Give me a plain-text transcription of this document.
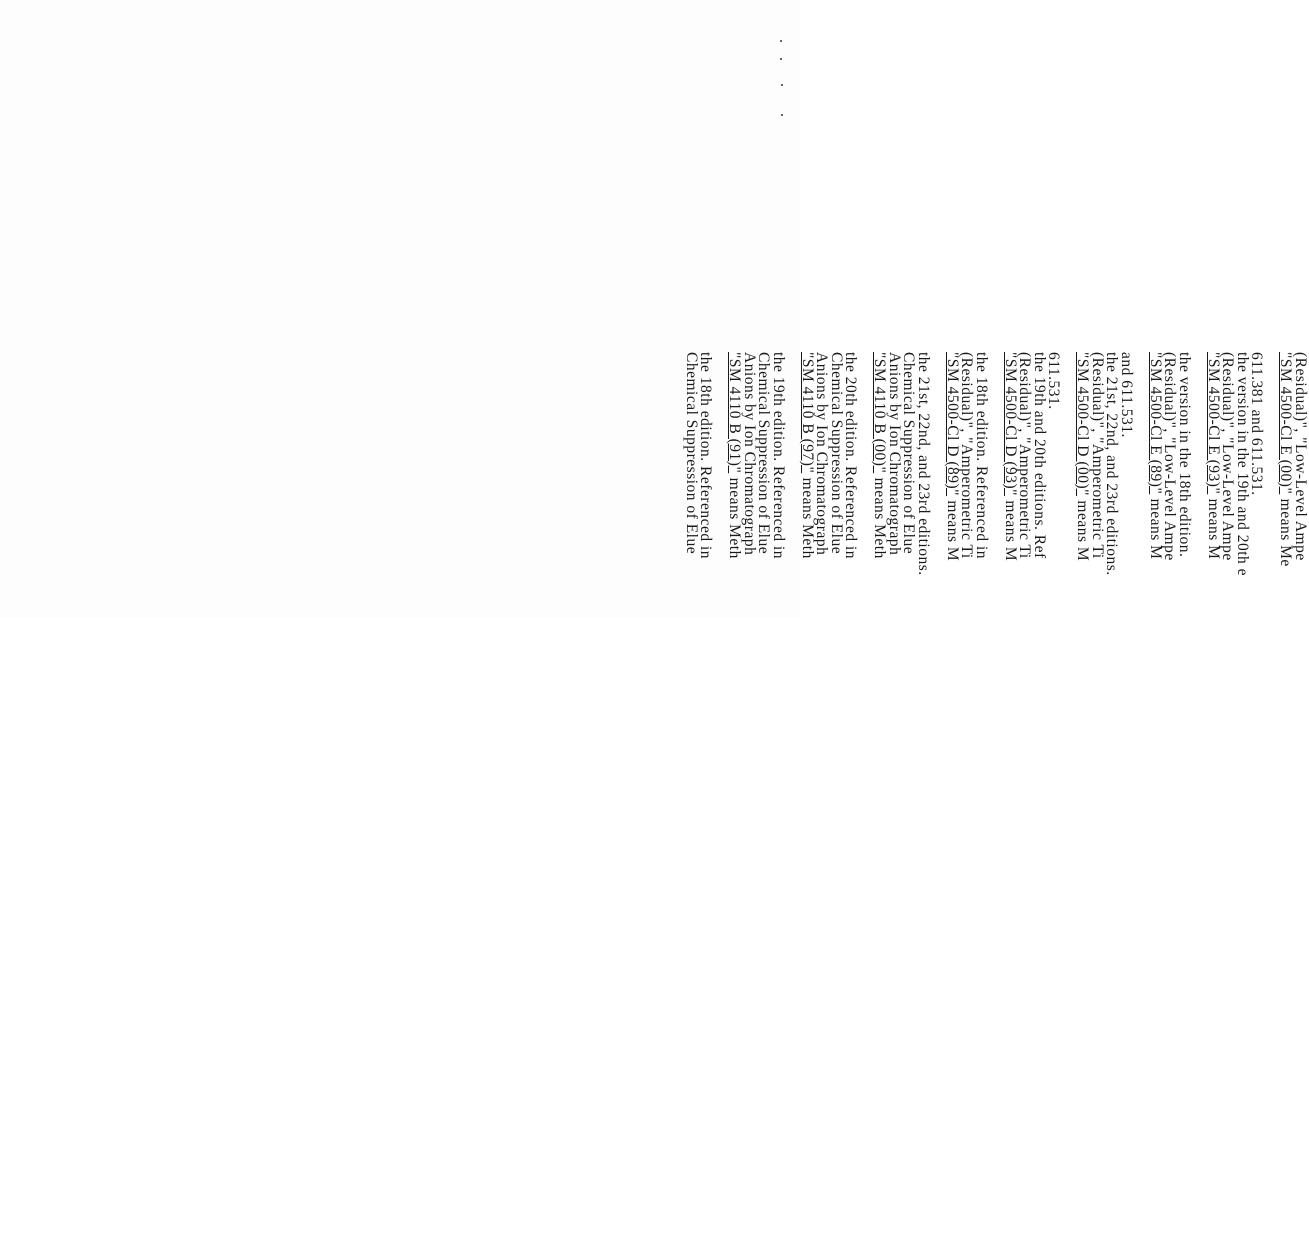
Chemical Suppression of Elue
the 18th edition. Referenced in "SM 4110 B (91)" means Meth
Anions by Ion Chromatograph
Chemical Suppression of Elue
the 19th edition. Referenced in "SM 4110 B (97)" means Meth
Anions by Ion Chromatograph
Chemical Suppression of Elue
the 20th edition. Referenced in "SM 4110 B (00)" means Meth
Anions by Ion Chromatograph
Chemical Suppression of Elue
the 21st, 22nd, and 23rd editions. "SM 4500-Cl D (89)" means M
(Residual)", "Amperometric Ti
the 18th edition. Referenced in "SM 4500-Cl D (93)" means M
(Residual)", "Amperometric Ti
the 19th and 20th editions. Ref
611.531. "SM 4500-Cl D (00)" means M
(Residual)", "Amperometric Ti
the 21st, 22nd, and 23rd editions.
and 611.531. "SM 4500-Cl E (89)" means M
(Residual)", "Low-Level Ampe
the version in the 18th edition. "SM 4500-Cl E (93)" means M
(Residual)", "Low-Level Ampe
the version in the 19th and 20th e
611.381 and 611.531. "SM 4500-Cl E (00)" means Me
(Residual)", "Low-Level Ampe
